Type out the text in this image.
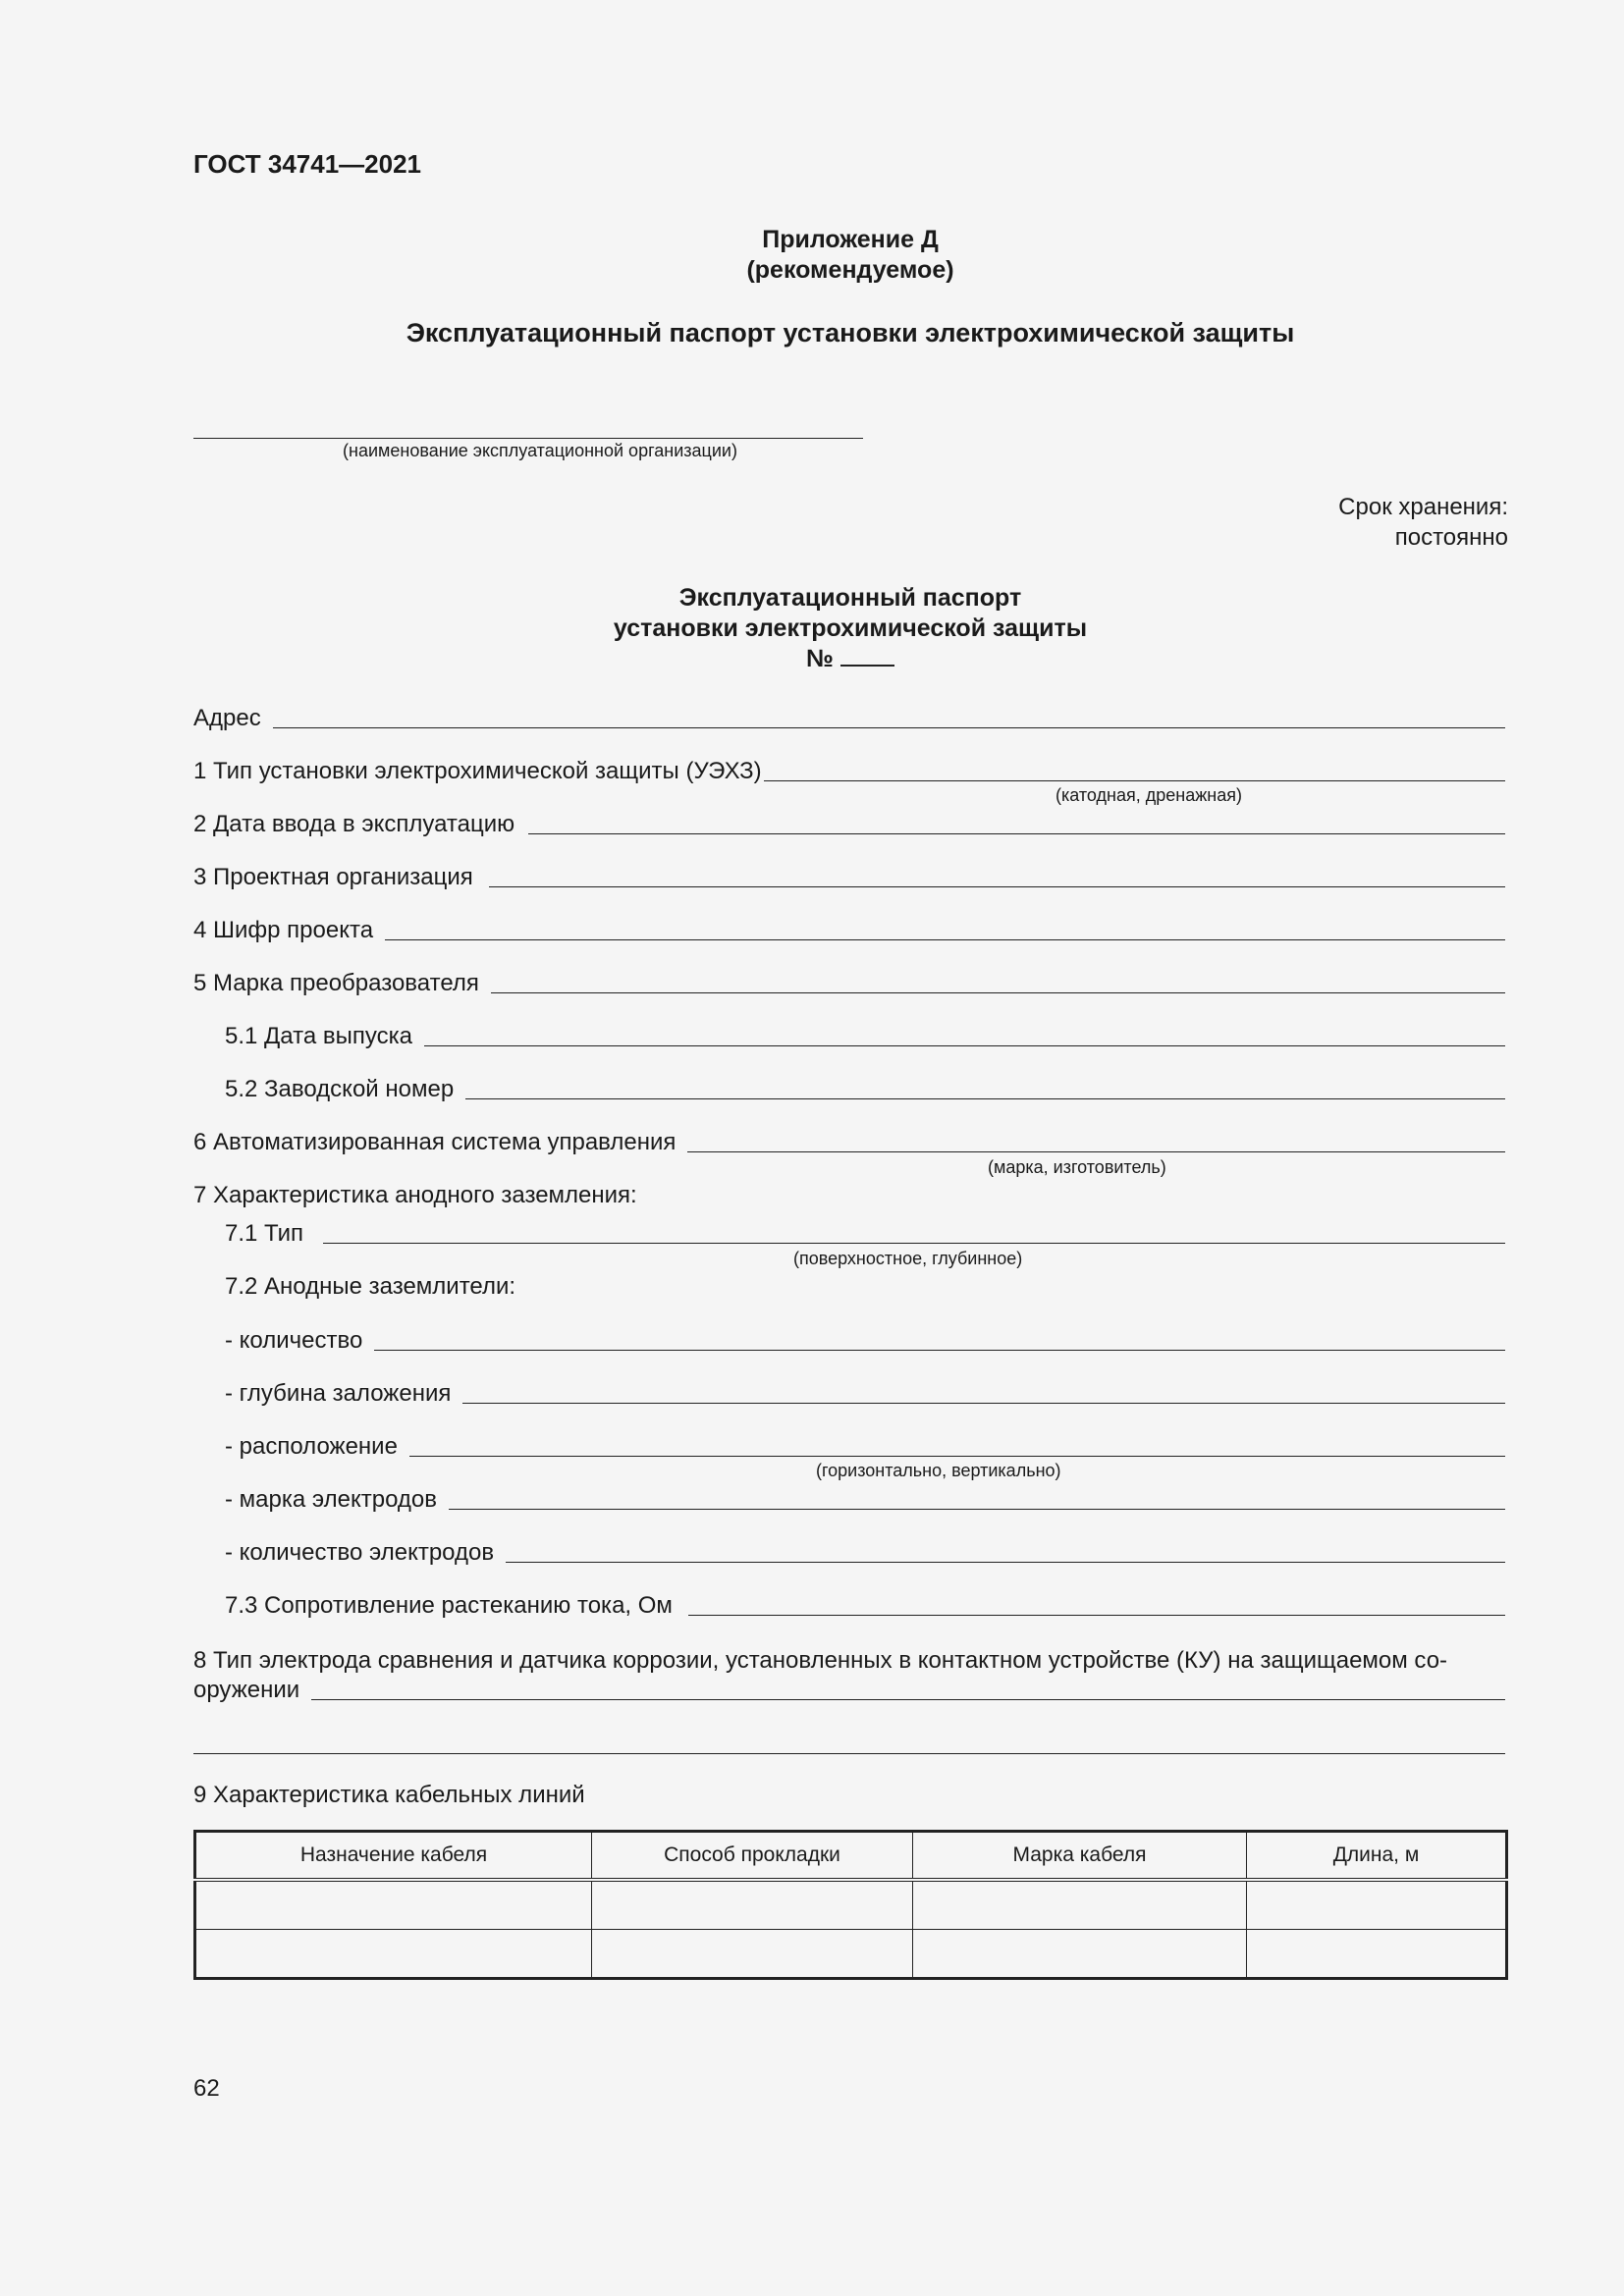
ГОСТ 34741—2021
Приложение Д
(рекомендуемое)
Эксплуатационный паспорт установки электрохимической защиты
(наименование эксплуатационной организации)
Срок хранения:
постоянно
Эксплуатационный паспорт
установки электрохимической защиты
№
Адрес
1 Тип установки электрохимической защиты (УЭХЗ)
(катодная, дренажная)
2 Дата ввода в эксплуатацию
3 Проектная организация
4 Шифр проекта
5 Марка преобразователя
5.1 Дата выпуска
5.2 Заводской номер
6 Автоматизированная система управления
(марка, изготовитель)
7 Характеристика анодного заземления:
7.1 Тип
(поверхностное, глубинное)
7.2 Анодные заземлители:
- количество
- глубина заложения
- расположение
(горизонтально, вертикально)
- марка электродов
- количество электродов
7.3 Сопротивление растеканию тока, Ом
8 Тип электрода сравнения и датчика коррозии, установленных в контактном устройстве (КУ) на защищаемом со-
оружении
9 Характеристика кабельных линий
Назначение кабеля	Способ прокладки	Марка кабеля	Длина, м

62
